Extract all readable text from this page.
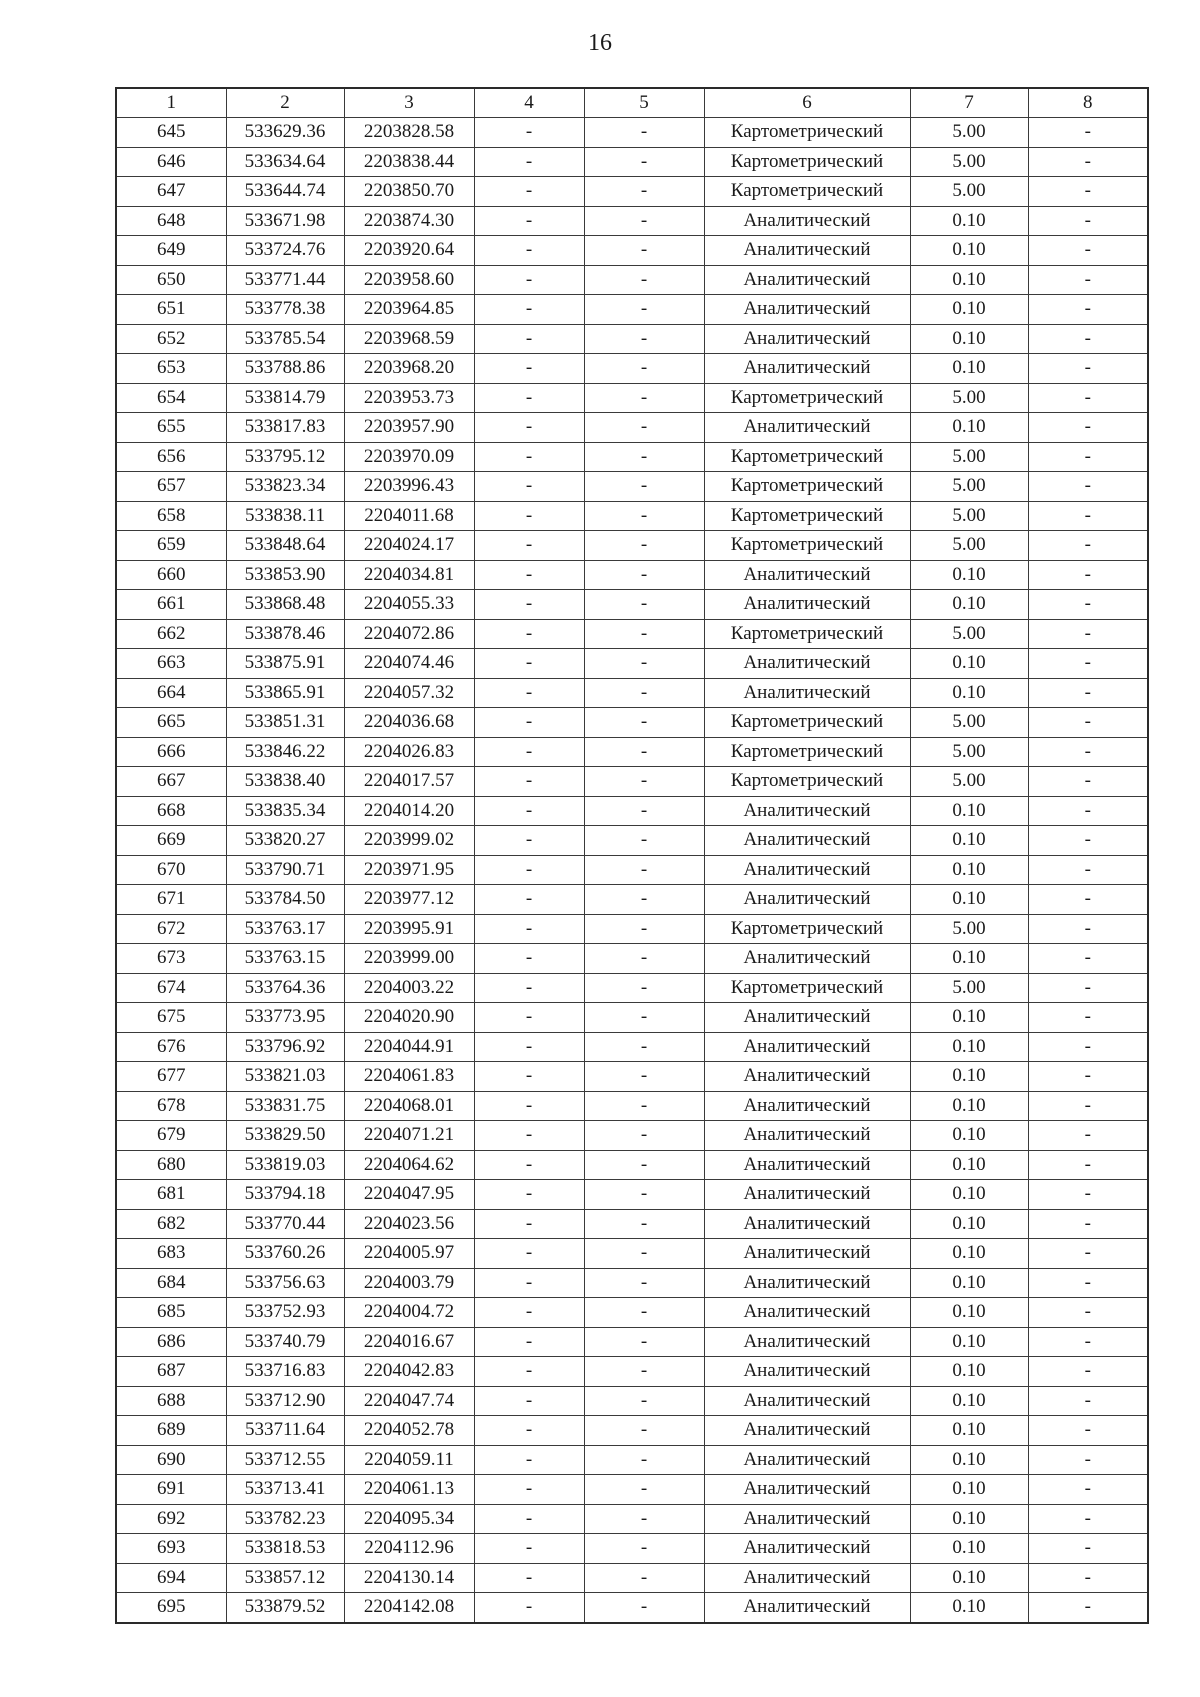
16
1	2	3	4	5	6	7	8
645	533629.36	2203828.58	-	-	Картометрический	5.00	-
646	533634.64	2203838.44	-	-	Картометрический	5.00	-
647	533644.74	2203850.70	-	-	Картометрический	5.00	-
648	533671.98	2203874.30	-	-	Аналитический	0.10	-
649	533724.76	2203920.64	-	-	Аналитический	0.10	-
650	533771.44	2203958.60	-	-	Аналитический	0.10	-
651	533778.38	2203964.85	-	-	Аналитический	0.10	-
652	533785.54	2203968.59	-	-	Аналитический	0.10	-
653	533788.86	2203968.20	-	-	Аналитический	0.10	-
654	533814.79	2203953.73	-	-	Картометрический	5.00	-
655	533817.83	2203957.90	-	-	Аналитический	0.10	-
656	533795.12	2203970.09	-	-	Картометрический	5.00	-
657	533823.34	2203996.43	-	-	Картометрический	5.00	-
658	533838.11	2204011.68	-	-	Картометрический	5.00	-
659	533848.64	2204024.17	-	-	Картометрический	5.00	-
660	533853.90	2204034.81	-	-	Аналитический	0.10	-
661	533868.48	2204055.33	-	-	Аналитический	0.10	-
662	533878.46	2204072.86	-	-	Картометрический	5.00	-
663	533875.91	2204074.46	-	-	Аналитический	0.10	-
664	533865.91	2204057.32	-	-	Аналитический	0.10	-
665	533851.31	2204036.68	-	-	Картометрический	5.00	-
666	533846.22	2204026.83	-	-	Картометрический	5.00	-
667	533838.40	2204017.57	-	-	Картометрический	5.00	-
668	533835.34	2204014.20	-	-	Аналитический	0.10	-
669	533820.27	2203999.02	-	-	Аналитический	0.10	-
670	533790.71	2203971.95	-	-	Аналитический	0.10	-
671	533784.50	2203977.12	-	-	Аналитический	0.10	-
672	533763.17	2203995.91	-	-	Картометрический	5.00	-
673	533763.15	2203999.00	-	-	Аналитический	0.10	-
674	533764.36	2204003.22	-	-	Картометрический	5.00	-
675	533773.95	2204020.90	-	-	Аналитический	0.10	-
676	533796.92	2204044.91	-	-	Аналитический	0.10	-
677	533821.03	2204061.83	-	-	Аналитический	0.10	-
678	533831.75	2204068.01	-	-	Аналитический	0.10	-
679	533829.50	2204071.21	-	-	Аналитический	0.10	-
680	533819.03	2204064.62	-	-	Аналитический	0.10	-
681	533794.18	2204047.95	-	-	Аналитический	0.10	-
682	533770.44	2204023.56	-	-	Аналитический	0.10	-
683	533760.26	2204005.97	-	-	Аналитический	0.10	-
684	533756.63	2204003.79	-	-	Аналитический	0.10	-
685	533752.93	2204004.72	-	-	Аналитический	0.10	-
686	533740.79	2204016.67	-	-	Аналитический	0.10	-
687	533716.83	2204042.83	-	-	Аналитический	0.10	-
688	533712.90	2204047.74	-	-	Аналитический	0.10	-
689	533711.64	2204052.78	-	-	Аналитический	0.10	-
690	533712.55	2204059.11	-	-	Аналитический	0.10	-
691	533713.41	2204061.13	-	-	Аналитический	0.10	-
692	533782.23	2204095.34	-	-	Аналитический	0.10	-
693	533818.53	2204112.96	-	-	Аналитический	0.10	-
694	533857.12	2204130.14	-	-	Аналитический	0.10	-
695	533879.52	2204142.08	-	-	Аналитический	0.10	-
